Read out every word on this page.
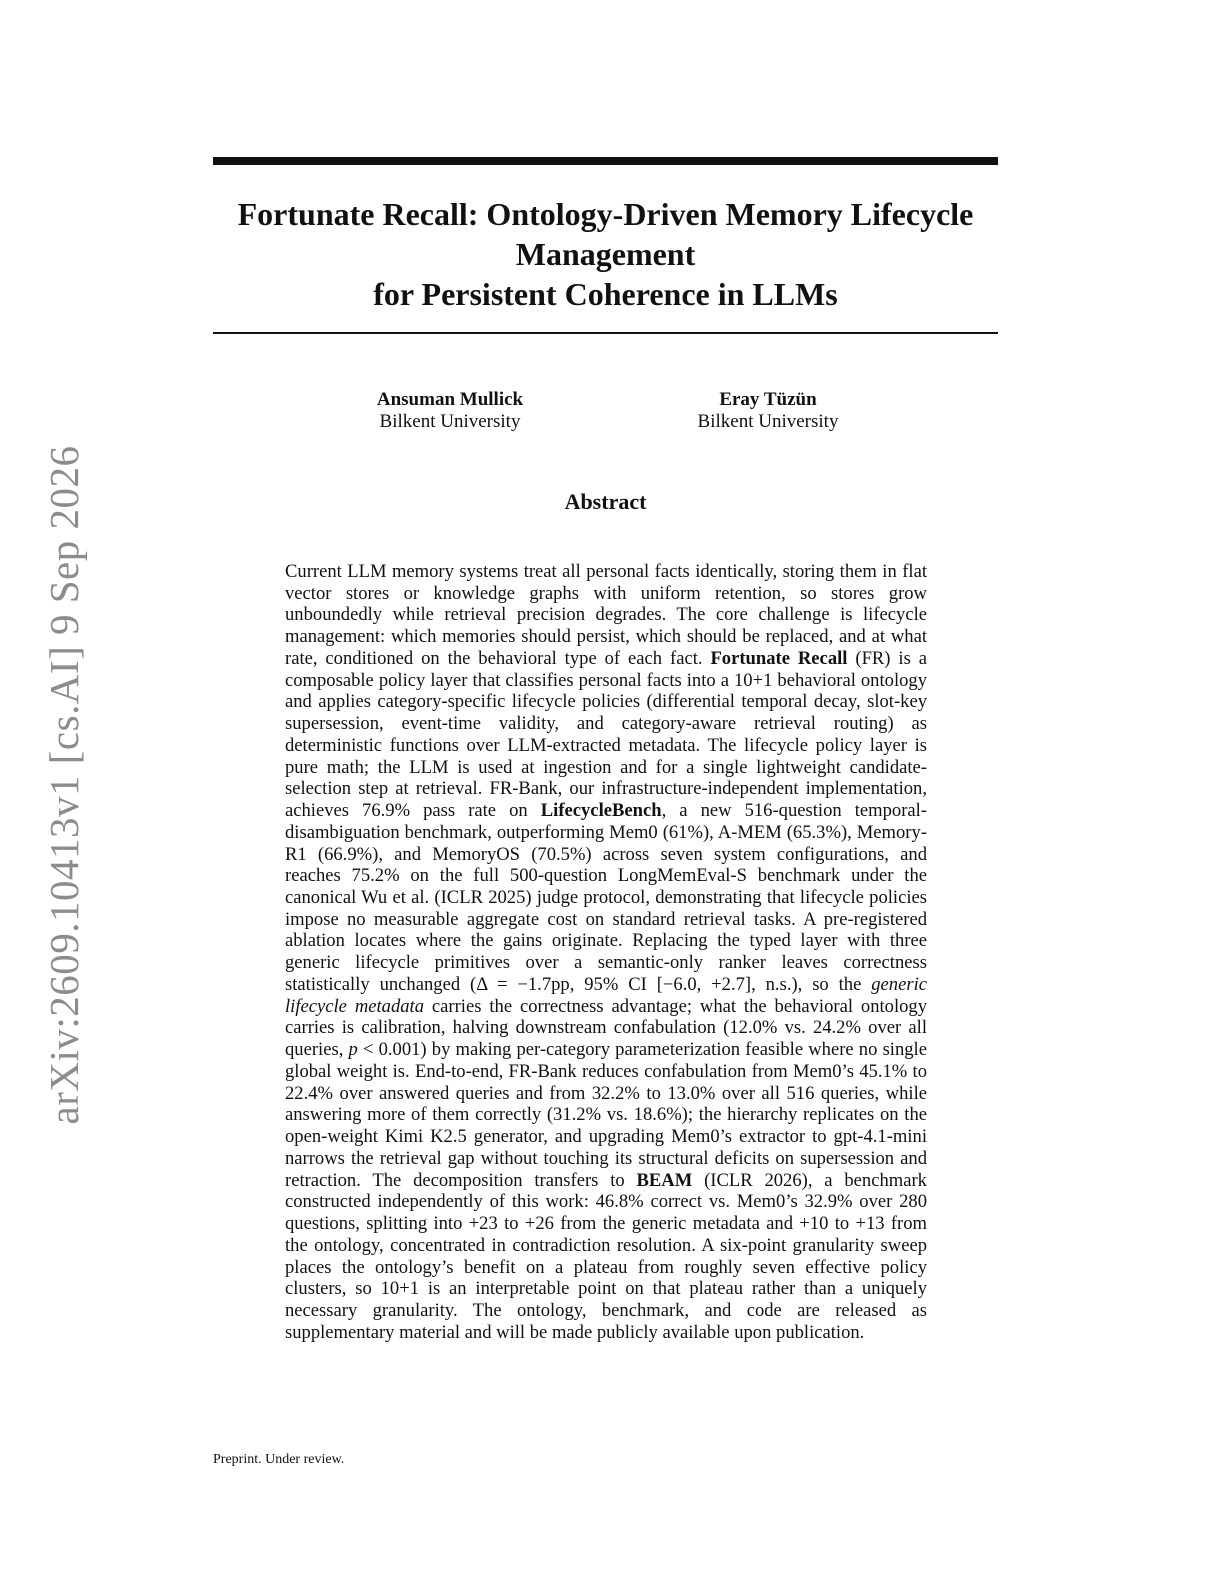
Fortunate Recall: Ontology-Driven Memory Lifecycle
Management
for Persistent Coherence in LLMs
Ansuman Mullick
Bilkent University
Eray Tüzün
Bilkent University
Abstract

Current LLM memory systems treat all personal facts identically, storing them in flat vector stores or knowledge graphs with uniform retention, so stores grow unboundedly while retrieval precision degrades. The core challenge is lifecycle management: which memories should persist, which should be replaced, and at what rate, conditioned on the behavioral type of each fact. Fortunate Recall (FR) is a composable policy layer that classifies personal facts into a 10+1 behavioral ontology and applies category-specific lifecycle policies (differential temporal decay, slot-key supersession, event-time validity, and category-aware retrieval routing) as deterministic functions over LLM-extracted metadata. The lifecycle policy layer is pure math; the LLM is used at ingestion and for a single lightweight candidate-selection step at retrieval. FR-Bank, our infrastructure-independent implementation, achieves 76.9% pass rate on LifecycleBench, a new 516-question temporal-disambiguation benchmark, outperforming Mem0 (61%), A-MEM (65.3%), Memory-R1 (66.9%), and MemoryOS (70.5%) across seven system configurations, and reaches 75.2% on the full 500-question LongMemEval-S benchmark under the canonical Wu et al. (ICLR 2025) judge protocol, demonstrating that lifecycle policies impose no measurable aggregate cost on standard retrieval tasks. A pre-registered ablation locates where the gains originate. Replacing the typed layer with three generic lifecycle primitives over a semantic-only ranker leaves correctness statistically unchanged (Δ = −1.7pp, 95% CI [−6.0, +2.7], n.s.), so the generic lifecycle metadata carries the correctness advantage; what the behavioral ontology carries is calibration, halving downstream confabulation (12.0% vs. 24.2% over all queries, p < 0.001) by making per-category parameterization feasible where no single global weight is. End-to-end, FR-Bank reduces confabulation from Mem0’s 45.1% to 22.4% over answered queries and from 32.2% to 13.0% over all 516 queries, while answering more of them correctly (31.2% vs. 18.6%); the hierarchy replicates on the open-weight Kimi K2.5 generator, and upgrading Mem0’s extractor to gpt-4.1-mini narrows the retrieval gap without touching its structural deficits on supersession and retraction. The decomposition transfers to BEAM (ICLR 2026), a benchmark constructed independently of this work: 46.8% correct vs. Mem0’s 32.9% over 280 questions, splitting into +23 to +26 from the generic metadata and +10 to +13 from the ontology, concentrated in contradiction resolution. A six-point granularity sweep places the ontology’s benefit on a plateau from roughly seven effective policy clusters, so 10+1 is an interpretable point on that plateau rather than a uniquely necessary granularity. The ontology, benchmark, and code are released as supplementary material and will be made publicly available upon publication.

Preprint. Under review.
arXiv:2609.10413v1 [cs.AI] 9 Sep 2026
